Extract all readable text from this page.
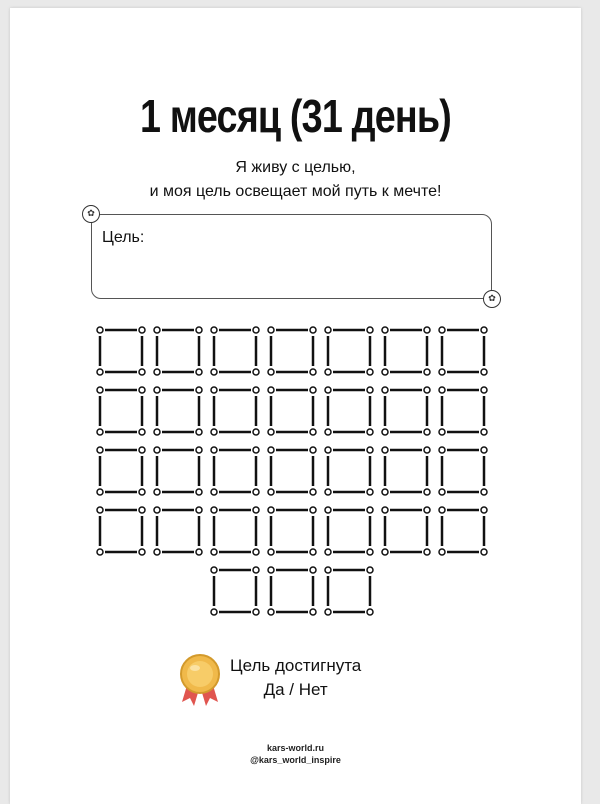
1 месяц (31 день)
Я живу с целью,
и моя цель освещает мой путь к мечте!
Цель:
✿
✿
Цель достигнута
Да / Нет
kars-world.ru
@kars_world_inspire
